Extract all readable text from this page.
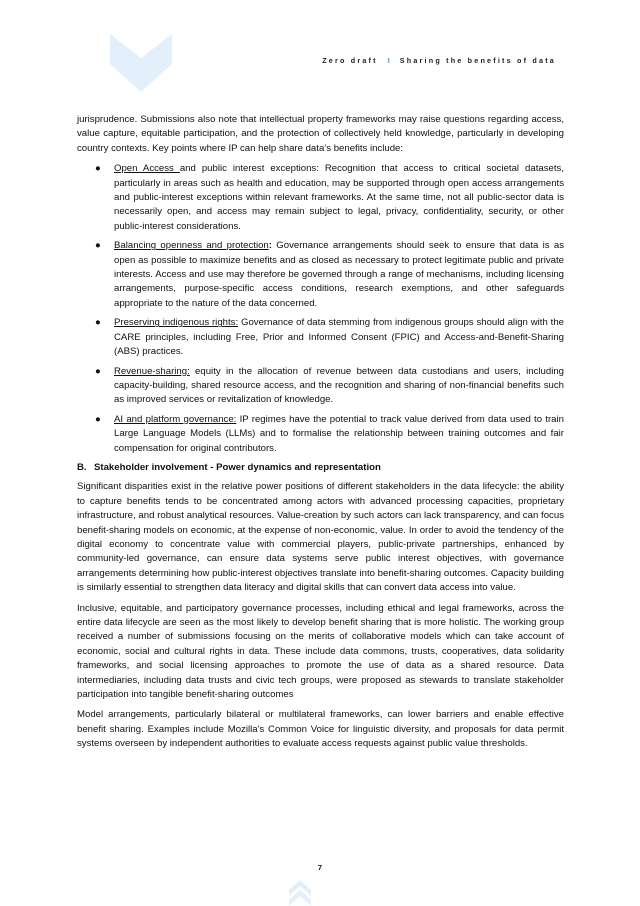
Zero draft I Sharing the benefits of data

jurisprudence. Submissions also note that intellectual property frameworks may raise questions regarding access, value capture, equitable participation, and the protection of collectively held knowledge, particularly in developing country contexts. Key points where IP can help share data’s benefits include:

● Open Access and public interest exceptions: Recognition that access to critical societal datasets, particularly in areas such as health and education, may be supported through open access arrangements and public-interest exceptions within relevant frameworks. At the same time, not all public-sector data is necessarily open, and access may remain subject to legal, privacy, confidentiality, security, or other public-interest considerations.
● Balancing openness and protection: Governance arrangements should seek to ensure that data is as open as possible to maximize benefits and as closed as necessary to protect legitimate public and private interests. Access and use may therefore be governed through a range of mechanisms, including licensing arrangements, purpose-specific access conditions, research exemptions, and other safeguards appropriate to the nature of the data concerned.
● Preserving indigenous rights: Governance of data stemming from indigenous groups should align with the CARE principles, including Free, Prior and Informed Consent (FPIC) and Access-and-Benefit-Sharing (ABS) practices.
● Revenue-sharing: equity in the allocation of revenue between data custodians and users, including capacity-building, shared resource access, and the recognition and sharing of non-financial benefits such as improved services or revitalization of knowledge.
● AI and platform governance: IP regimes have the potential to track value derived from data used to train Large Language Models (LLMs) and to formalise the relationship between training outcomes and fair compensation for original contributors.
B. Stakeholder involvement - Power dynamics and representation

Significant disparities exist in the relative power positions of different stakeholders in the data lifecycle: the ability to capture benefits tends to be concentrated among actors with advanced processing capacities, proprietary infrastructure, and robust analytical resources. Value-creation by such actors can lack transparency, and can focus benefit-sharing models on economic, at the expense of non-economic, value. In order to avoid the tendency of the digital economy to concentrate value with commercial players, public-private partnerships, enhanced by community-led governance, can ensure data systems serve public interest objectives, with governance arrangements determining how public-interest objectives translate into benefit-sharing outcomes. Capacity building is similarly essential to strengthen data literacy and digital skills that can convert data access into value.

Inclusive, equitable, and participatory governance processes, including ethical and legal frameworks, across the entire data lifecycle are seen as the most likely to develop benefit sharing that is more holistic. The working group received a number of submissions focusing on the merits of collaborative models which can take account of economic, social and cultural rights in data. These include data commons, trusts, cooperatives, data solidarity frameworks, and social licensing approaches to promote the use of data as a shared resource. Data intermediaries, including data trusts and civic tech groups, were proposed as stewards to translate stakeholder participation into tangible benefit-sharing outcomes

Model arrangements, particularly bilateral or multilateral frameworks, can lower barriers and enable effective benefit sharing. Examples include Mozilla's Common Voice for linguistic diversity, and proposals for data permit systems overseen by independent authorities to evaluate access requests against public value thresholds.

7
